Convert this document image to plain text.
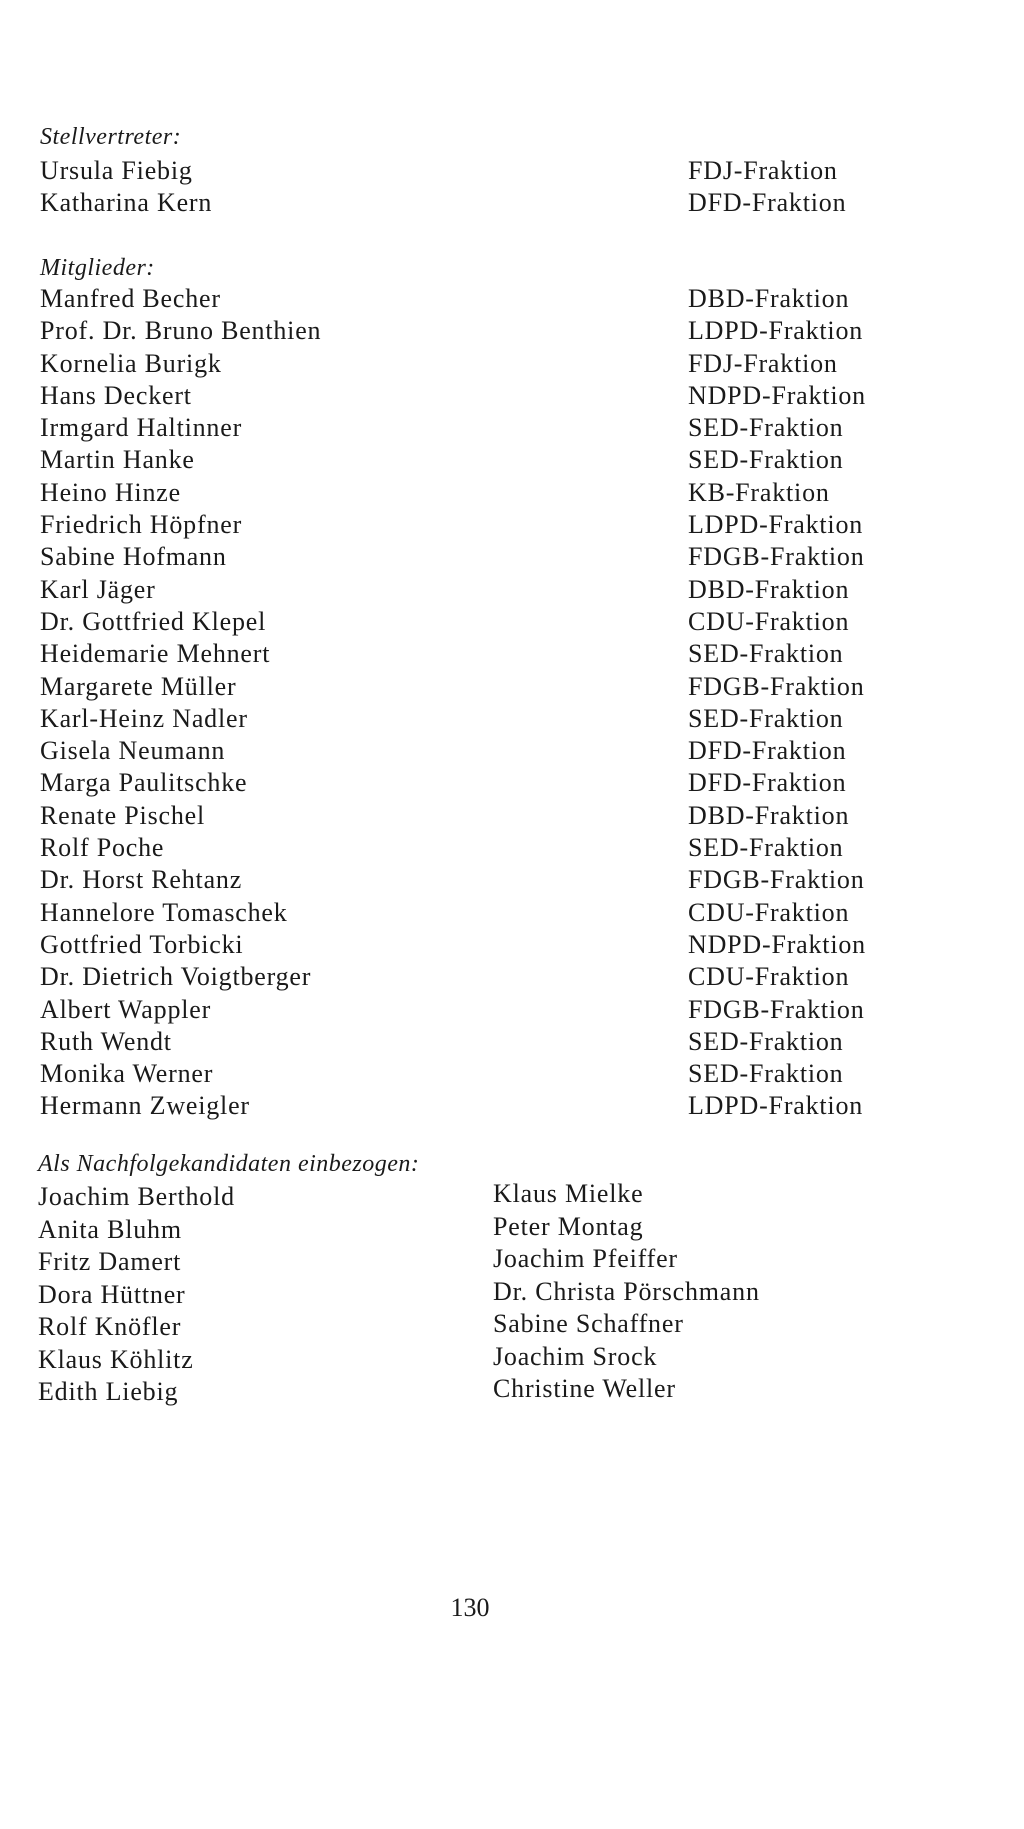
Stellvertreter:
Ursula Fiebig	FDJ-Fraktion
Katharina Kern	DFD-Fraktion
Mitglieder:
Manfred Becher	DBD-Fraktion
Prof. Dr. Bruno Benthien	LDPD-Fraktion
Kornelia Burigk	FDJ-Fraktion
Hans Deckert	NDPD-Fraktion
Irmgard Haltinner	SED-Fraktion
Martin Hanke	SED-Fraktion
Heino Hinze	KB-Fraktion
Friedrich Höpfner	LDPD-Fraktion
Sabine Hofmann	FDGB-Fraktion
Karl Jäger	DBD-Fraktion
Dr. Gottfried Klepel	CDU-Fraktion
Heidemarie Mehnert	SED-Fraktion
Margarete Müller	FDGB-Fraktion
Karl-Heinz Nadler	SED-Fraktion
Gisela Neumann	DFD-Fraktion
Marga Paulitschke	DFD-Fraktion
Renate Pischel	DBD-Fraktion
Rolf Poche	SED-Fraktion
Dr. Horst Rehtanz	FDGB-Fraktion
Hannelore Tomaschek	CDU-Fraktion
Gottfried Torbicki	NDPD-Fraktion
Dr. Dietrich Voigtberger	CDU-Fraktion
Albert Wappler	FDGB-Fraktion
Ruth Wendt	SED-Fraktion
Monika Werner	SED-Fraktion
Hermann Zweigler	LDPD-Fraktion
Als Nachfolgekandidaten einbezogen:
Joachim Berthold
Anita Bluhm
Fritz Damert
Dora Hüttner
Rolf Knöfler
Klaus Köhlitz
Edith Liebig
Klaus Mielke
Peter Montag
Joachim Pfeiffer
Dr. Christa Pörschmann
Sabine Schaffner
Joachim Srock
Christine Weller
130
